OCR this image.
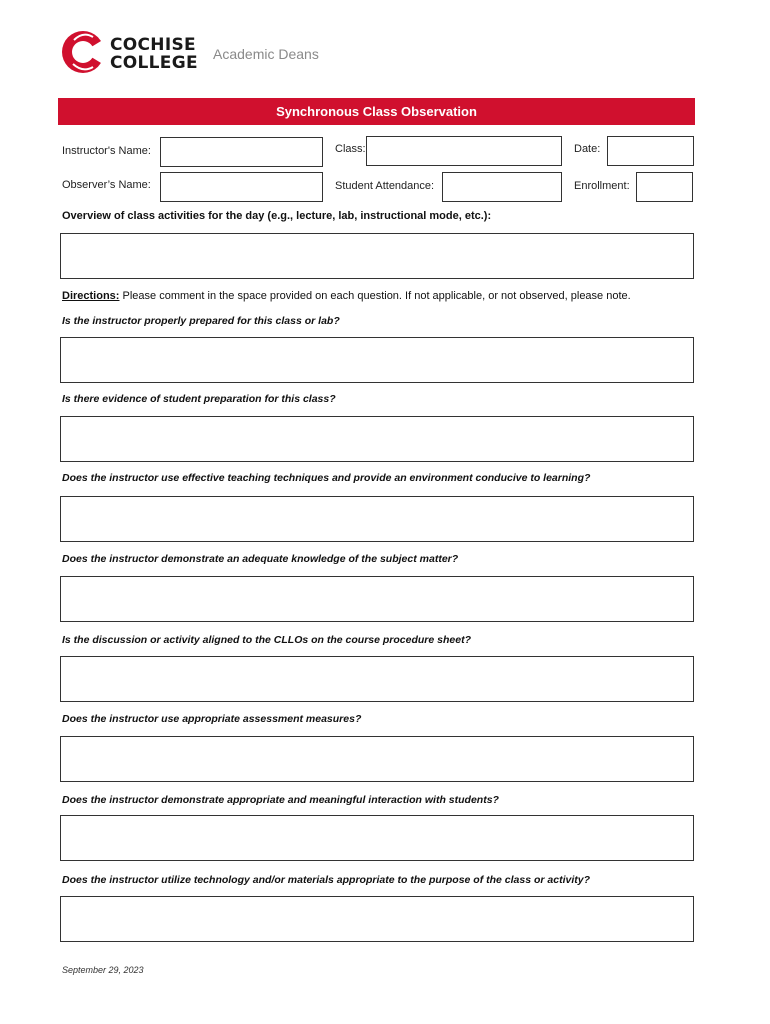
COCHISE
COLLEGE Academic Deans
Synchronous Class Observation
Instructor's Name:	Class:	Date:
Observer’s Name:	Student Attendance:	Enrollment:
Overview of class activities for the day (e.g., lecture, lab, instructional mode, etc.):
Directions: Please comment in the space provided on each question. If not applicable, or not observed, please note.
Is the instructor properly prepared for this class or lab?
Is there evidence of student preparation for this class?
Does the instructor use effective teaching techniques and provide an environment conducive to learning?
Does the instructor demonstrate an adequate knowledge of the subject matter?
Is the discussion or activity aligned to the CLLOs on the course procedure sheet?
Does the instructor use appropriate assessment measures?
Does the instructor demonstrate appropriate and meaningful interaction with students?
Does the instructor utilize technology and/or materials appropriate to the purpose of the class or activity?
September 29, 2023
